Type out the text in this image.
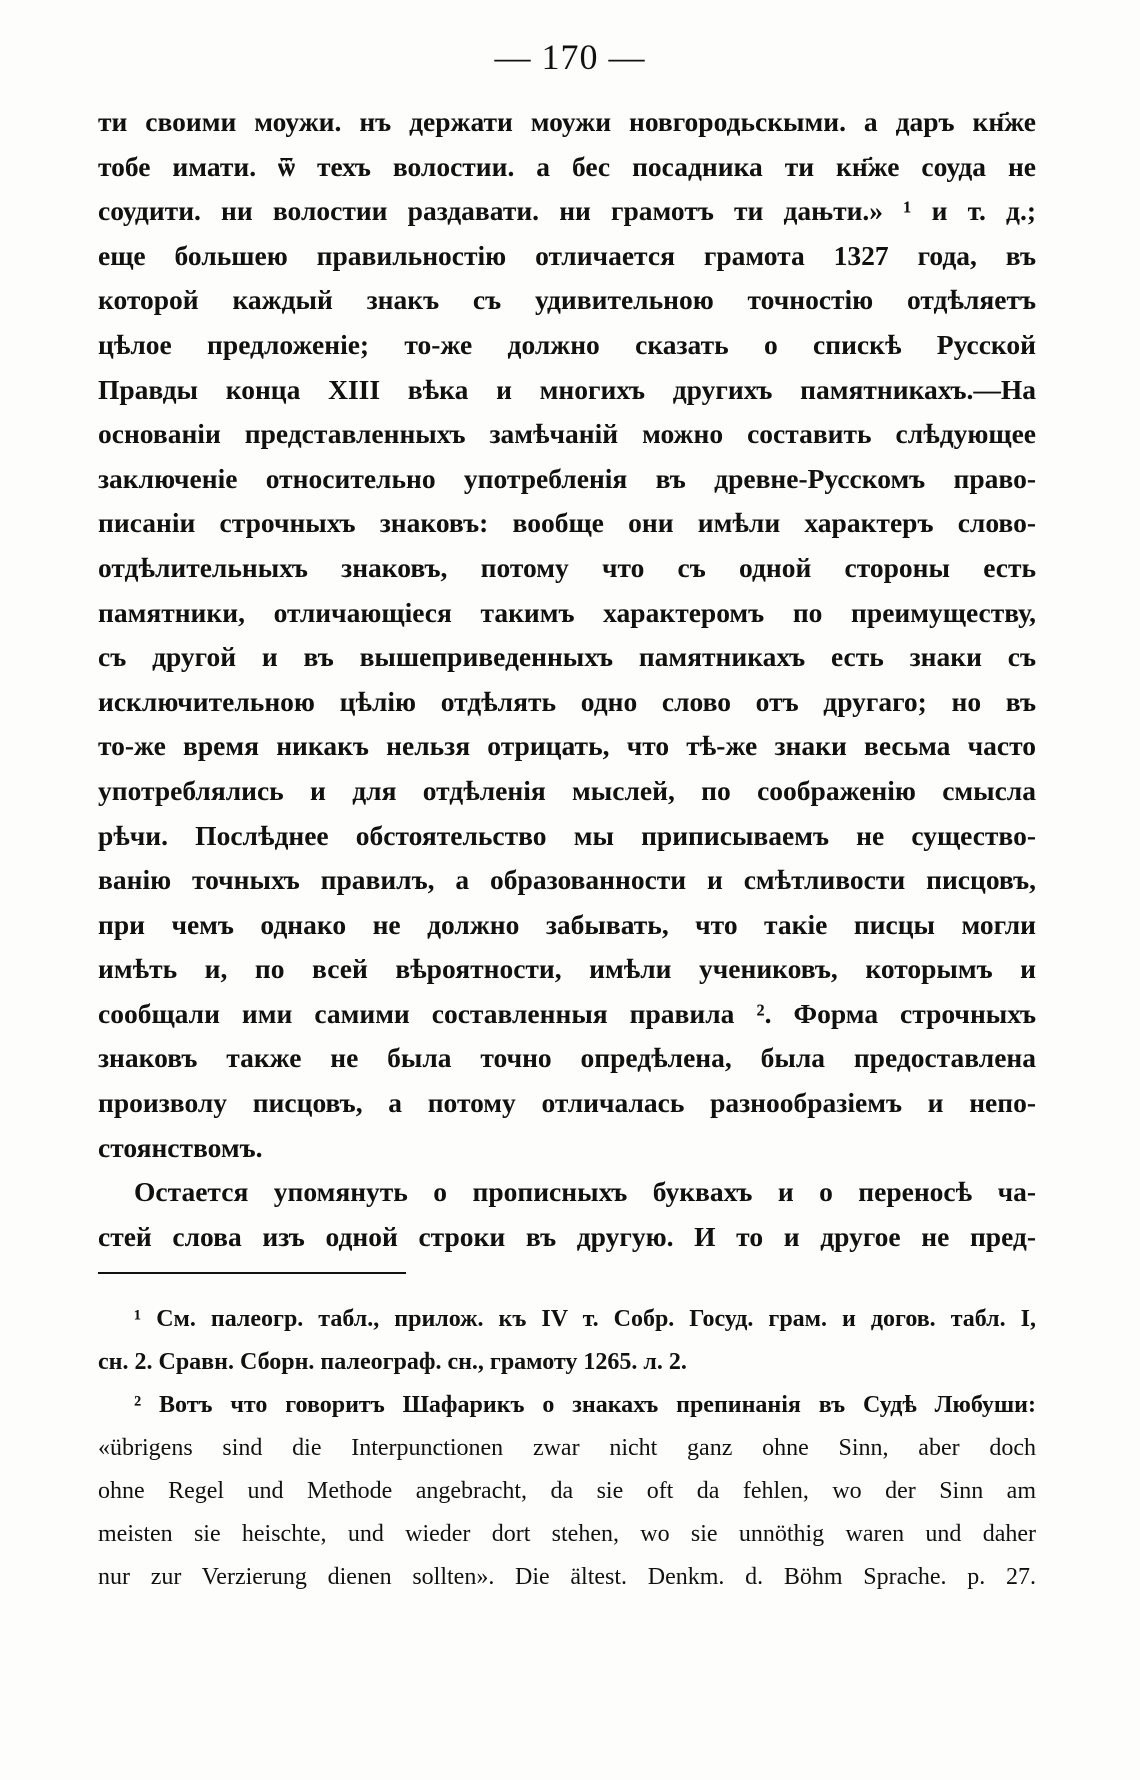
— 170 —
ти своими моужи. нъ держати моужи новгородьскыми. а даръ кн҃же
тобе имати. ѿ техъ волостии. а бес посадника ти кн҃же соуда не
соудити. ни волостии раздавати. ни грамотъ ти дањти.» ¹ и т. д.;
еще большею правильностію отличается грамота 1327 года, въ
которой каждый знакъ съ удивительною точностію отдѣляетъ
цѣлое предложеніе; то-же должно сказать о спискѣ Русской
Правды конца XIII вѣка и многихъ другихъ памятникахъ.—На
основаніи представленныхъ замѣчаній можно составить слѣдующее
заключеніе относительно употребленія въ древне-Русскомъ право-
писаніи строчныхъ знаковъ: вообще они имѣли характеръ слово-
отдѣлительныхъ знаковъ, потому что съ одной стороны есть
памятники, отличающіеся такимъ характеромъ по преимуществу,
съ другой и въ вышеприведенныхъ памятникахъ есть знаки съ
исключительною цѣлію отдѣлять одно слово отъ другаго; но въ
то-же время никакъ нельзя отрицать, что тѣ-же знаки весьма часто
употреблялись и для отдѣленія мыслей, по соображенію смысла
рѣчи. Послѣднее обстоятельство мы приписываемъ не существо-
ванію точныхъ правилъ, а образованности и смѣтливости писцовъ,
при чемъ однако не должно забывать, что такіе писцы могли
имѣть и, по всей вѣроятности, имѣли учениковъ, которымъ и
сообщали ими самими составленныя правила ². Форма строчныхъ
знаковъ также не была точно опредѣлена, была предоставлена
произволу писцовъ, а потому отличалась разнообразіемъ и непо-
стоянствомъ.
Остается упомянуть о прописныхъ буквахъ и о переносѣ ча-
стей слова изъ одной строки въ другую. И то и другое не пред-
¹ См. палеогр. табл., прилож. къ IV т. Собр. Госуд. грам. и догов. табл. I,
сн. 2. Сравн. Сборн. палеограф. сн., грамоту 1265. л. 2.
² Вотъ что говоритъ Шафарикъ о знакахъ препинанія въ Судѣ Любуши:
«übrigens sind die Interpunctionen zwar nicht ganz ohne Sinn, aber doch
ohne Regel und Methode angebracht, da sie oft da fehlen, wo der Sinn am
meisten sie heischte, und wieder dort stehen, wo sie unnöthig waren und daher
nur zur Verzierung dienen sollten». Die ältest. Denkm. d. Böhm Sprache. p. 27.
